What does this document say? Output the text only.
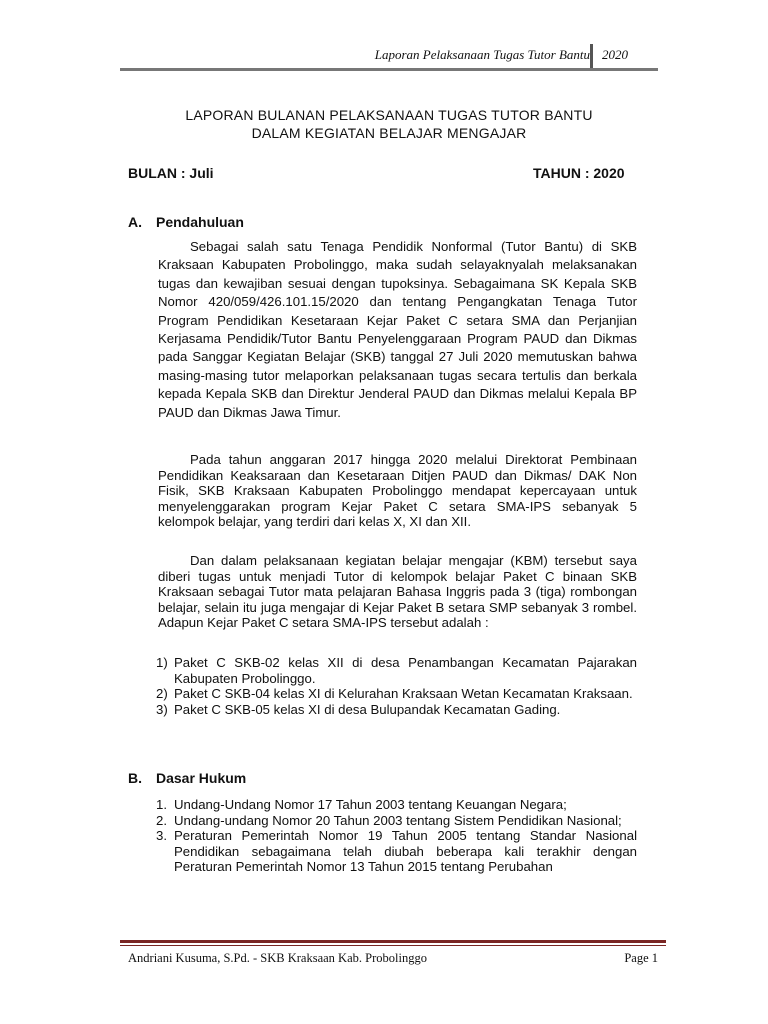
Laporan Pelaksanaan Tugas Tutor Bantu 2020
LAPORAN BULANAN PELAKSANAAN TUGAS TUTOR BANTU
DALAM KEGIATAN BELAJAR MENGAJAR
BULAN : Juli	TAHUN : 2020
A. Pendahuluan

Sebagai salah satu Tenaga Pendidik Nonformal (Tutor Bantu) di SKB Kraksaan Kabupaten Probolinggo, maka sudah selayaknyalah melaksanakan tugas dan kewajiban sesuai dengan tupoksinya. Sebagaimana SK Kepala SKB Nomor 420/059/426.101.15/2020 dan tentang Pengangkatan Tenaga Tutor Program Pendidikan Kesetaraan Kejar Paket C setara SMA dan Perjanjian Kerjasama Pendidik/Tutor Bantu Penyelenggaraan Program PAUD dan Dikmas pada Sanggar Kegiatan Belajar (SKB) tanggal 27 Juli 2020 memutuskan bahwa masing-masing tutor melaporkan pelaksanaan tugas secara tertulis dan berkala kepada Kepala SKB dan Direktur Jenderal PAUD dan Dikmas melalui Kepala BP PAUD dan Dikmas Jawa Timur.

Pada tahun anggaran 2017 hingga 2020 melalui Direktorat Pembinaan Pendidikan Keaksaraan dan Kesetaraan Ditjen PAUD dan Dikmas/ DAK Non Fisik, SKB Kraksaan Kabupaten Probolinggo mendapat kepercayaan untuk menyelenggarakan program Kejar Paket C setara SMA-IPS sebanyak 5 kelompok belajar, yang terdiri dari kelas X, XI dan XII.

Dan dalam pelaksanaan kegiatan belajar mengajar (KBM) tersebut saya diberi tugas untuk menjadi Tutor di kelompok belajar Paket C binaan SKB Kraksaan sebagai Tutor mata pelajaran Bahasa Inggris pada 3 (tiga) rombongan belajar, selain itu juga mengajar di Kejar Paket B setara SMP sebanyak 3 rombel. Adapun Kejar Paket C setara SMA-IPS tersebut adalah :

1) Paket C SKB-02 kelas XII di desa Penambangan Kecamatan Pajarakan Kabupaten Probolinggo.
2) Paket C SKB-04 kelas XI di Kelurahan Kraksaan Wetan Kecamatan Kraksaan.
3) Paket C SKB-05 kelas XI di desa Bulupandak Kecamatan Gading.
B. Dasar Hukum
1. Undang-Undang Nomor 17 Tahun 2003 tentang Keuangan Negara;
2. Undang-undang Nomor 20 Tahun 2003 tentang Sistem Pendidikan Nasional;
3. Peraturan Pemerintah Nomor 19 Tahun 2005 tentang Standar Nasional Pendidikan sebagaimana telah diubah beberapa kali terakhir dengan Peraturan Pemerintah Nomor 13 Tahun 2015 tentang Perubahan
Andriani Kusuma, S.Pd. - SKB Kraksaan Kab. Probolinggo	Page 1
